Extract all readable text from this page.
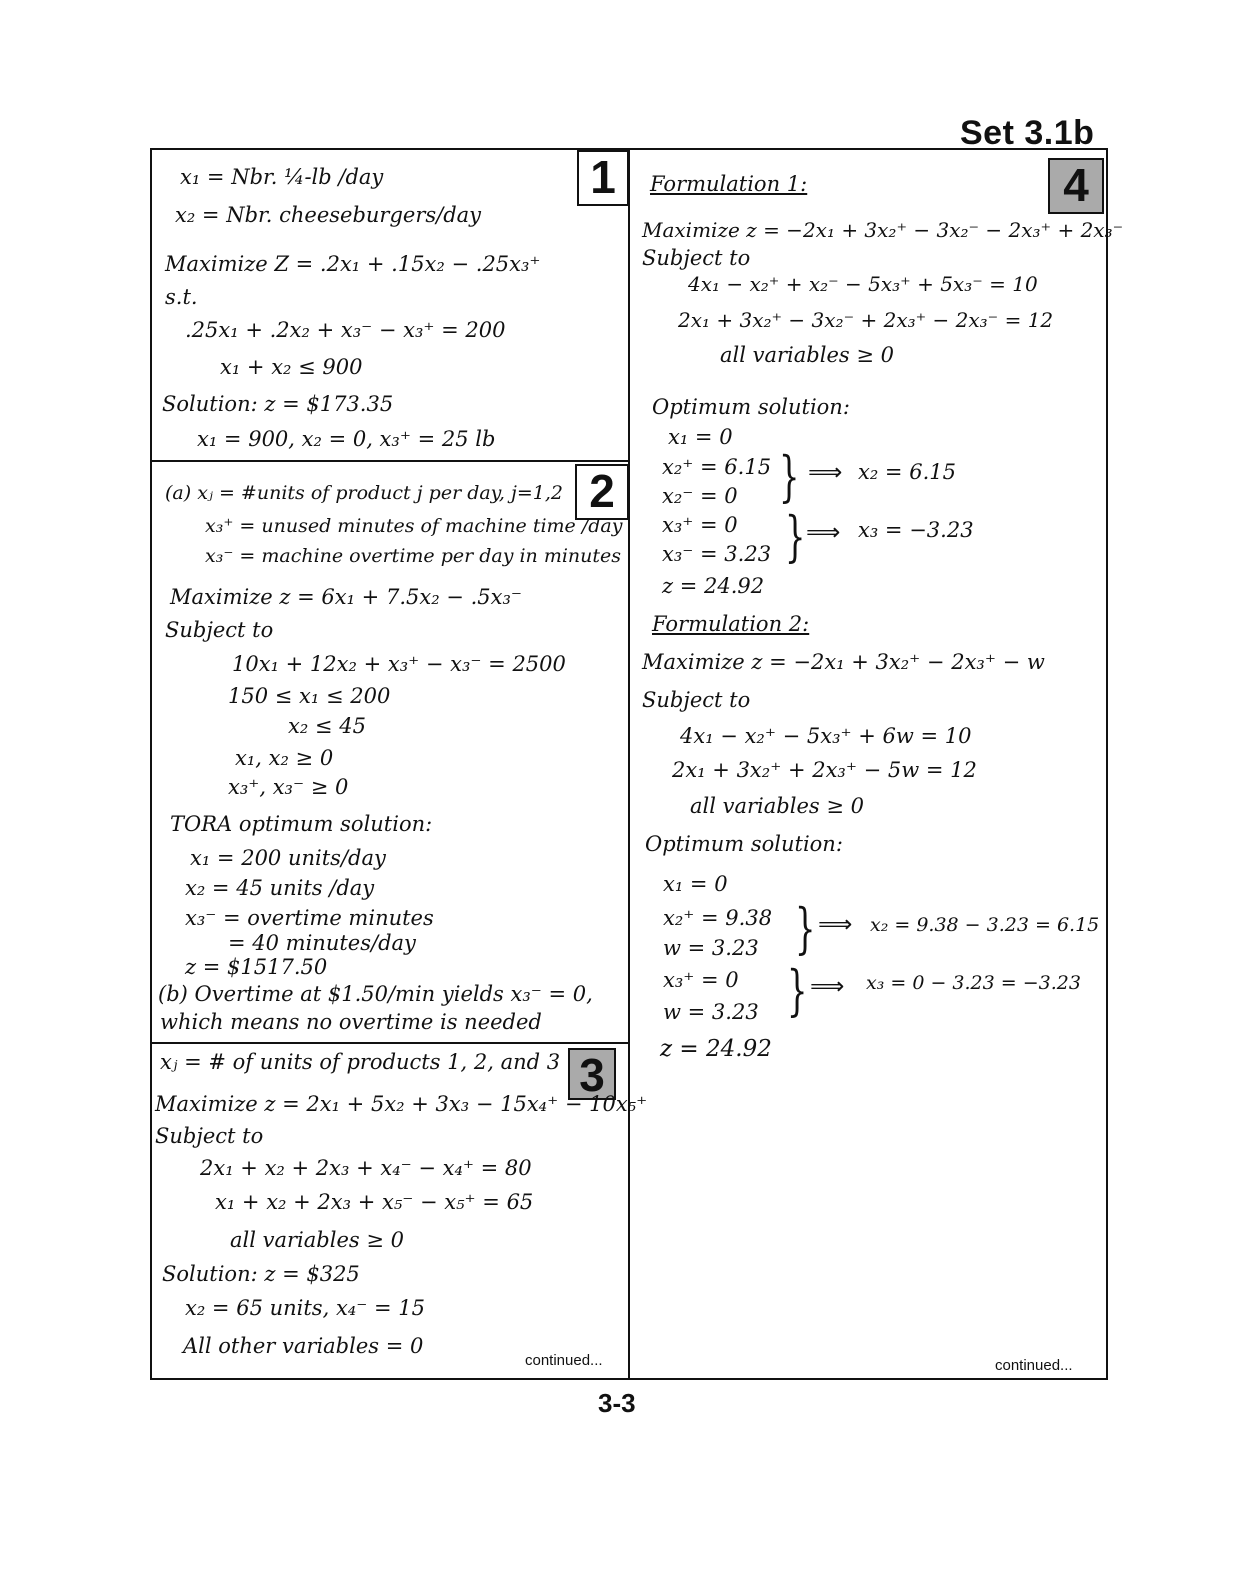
Set 3.1b
1
x₁ = Nbr. ¼-lb /day
x₂ = Nbr. cheeseburgers/day
Maximize Z = .2x₁ + .15x₂ − .25x₃⁺
s.t.
.25x₁ + .2x₂ + x₃⁻ − x₃⁺ = 200
x₁ + x₂ ≤ 900
Solution: z = $173.35
x₁ = 900, x₂ = 0, x₃⁺ = 25 lb
2
(a) xⱼ = #units of product j per day, j=1,2
x₃⁺ = unused minutes of machine time /day
x₃⁻ = machine overtime per day in minutes
Maximize z = 6x₁ + 7.5x₂ − .5x₃⁻
Subject to
10x₁ + 12x₂ + x₃⁺ − x₃⁻ = 2500
150 ≤ x₁ ≤ 200
x₂ ≤ 45
x₁, x₂ ≥ 0
x₃⁺, x₃⁻ ≥ 0
TORA optimum solution:
x₁ = 200 units/day
x₂ = 45 units /day
x₃⁻ = overtime minutes
= 40 minutes/day
z = $1517.50
(b) Overtime at $1.50/min yields x₃⁻ = 0,
which means no overtime is needed
3
xⱼ = # of units of products 1, 2, and 3
Maximize z = 2x₁ + 5x₂ + 3x₃ − 15x₄⁺ − 10x₅⁺
Subject to
2x₁ + x₂ + 2x₃ + x₄⁻ − x₄⁺ = 80
x₁ + x₂ + 2x₃ + x₅⁻ − x₅⁺ = 65
all variables ≥ 0
Solution: z = $325
x₂ = 65 units, x₄⁻ = 15
All other variables = 0
continued...
4
Formulation 1:
Maximize z = −2x₁ + 3x₂⁺ − 3x₂⁻ − 2x₃⁺ + 2x₃⁻
Subject to
4x₁ − x₂⁺ + x₂⁻ − 5x₃⁺ + 5x₃⁻ = 10
2x₁ + 3x₂⁺ − 3x₂⁻ + 2x₃⁺ − 2x₃⁻ = 12
all variables ≥ 0
Optimum solution:
x₁ = 0
x₂⁺ = 6.15
x₂⁻ = 0
x₃⁺ = 0
x₃⁻ = 3.23
z = 24.92
Formulation 2:
Maximize z = −2x₁ + 3x₂⁺ − 2x₃⁺ − w
Subject to
4x₁ − x₂⁺ − 5x₃⁺ + 6w = 10
2x₁ + 3x₂⁺ + 2x₃⁺ − 5w = 12
all variables ≥ 0
Optimum solution:
x₁ = 0
x₂⁺ = 9.38
w = 3.23
x₃⁺ = 0
w = 3.23
z = 24.92
} ⟹ x₂ = 6.15
} ⟹ x₃ = −3.23
} ⟹ x₂ = 9.38 − 3.23 = 6.15
} ⟹ x₃ = 0 − 3.23 = −3.23
continued...
3-3
